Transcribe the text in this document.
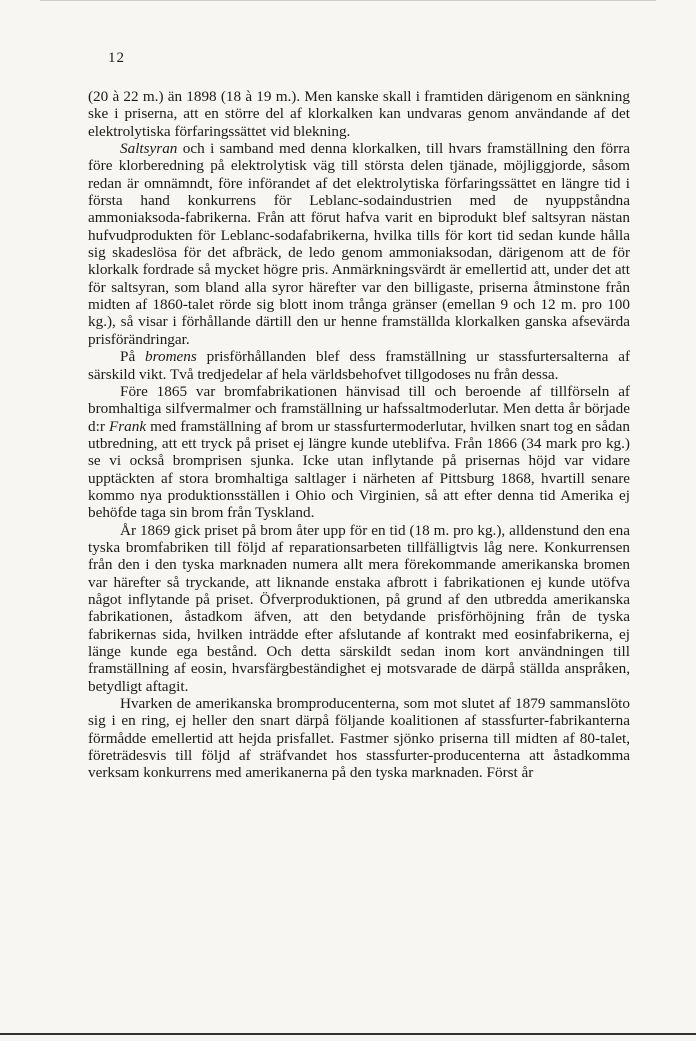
12

(20 à 22 m.) än 1898 (18 à 19 m.). Men kanske skall i framtiden därigenom en sänkning ske i priserna, att en större del af klorkalken kan undvaras genom användande af det elektrolytiska förfaringssättet vid blekning.

Saltsyran och i samband med denna klorkalken, till hvars framställning den förra före klorberedning på elektrolytisk väg till största delen tjänade, möjliggjorde, såsom redan är omnämndt, före införandet af det elektrolytiska förfaringssättet en längre tid i första hand konkurrens för Leblanc-sodaindustrien med de nyuppståndna ammoniaksoda-fabrikerna. Från att förut hafva varit en biprodukt blef saltsyran nästan hufvudprodukten för Leblanc-sodafabrikerna, hvilka tills för kort tid sedan kunde hålla sig skadeslösa för det afbräck, de ledo genom ammoniaksodan, därigenom att de för klorkalk fordrade så mycket högre pris. Anmärkningsvärdt är emellertid att, under det att för saltsyran, som bland alla syror härefter var den billigaste, priserna åtminstone från midten af 1860-talet rörde sig blott inom trånga gränser (emellan 9 och 12 m. pro 100 kg.), så visar i förhållande därtill den ur henne framställda klorkalken ganska afsevärda prisförändringar.

På bromens prisförhållanden blef dess framställning ur stassfurtersalterna af särskild vikt. Två tredjedelar af hela världsbehofvet tillgodoses nu från dessa.

Före 1865 var bromfabrikationen hänvisad till och beroende af tillförseln af bromhaltiga silfvermalmer och framställning ur hafssaltmoderlutar. Men detta år började d:r Frank med framställning af brom ur stassfurtermoderlutar, hvilken snart tog en sådan utbredning, att ett tryck på priset ej längre kunde uteblifva. Från 1866 (34 mark pro kg.) se vi också bromprisen sjunka. Icke utan inflytande på prisernas höjd var vidare upptäckten af stora bromhaltiga saltlager i närheten af Pittsburg 1868, hvartill senare kommo nya produktionsställen i Ohio och Virginien, så att efter denna tid Amerika ej behöfde taga sin brom från Tyskland.

År 1869 gick priset på brom åter upp för en tid (18 m. pro kg.), alldenstund den ena tyska bromfabriken till följd af reparationsarbeten tillfälligtvis låg nere. Konkurrensen från den i den tyska marknaden numera allt mera förekommande amerikanska bromen var härefter så tryckande, att liknande enstaka afbrott i fabrikationen ej kunde utöfva något inflytande på priset. Öfverproduktionen, på grund af den utbredda amerikanska fabrikationen, åstadkom äfven, att den betydande prisförhöjning från de tyska fabrikernas sida, hvilken inträdde efter afslutande af kontrakt med eosinfabrikerna, ej länge kunde ega bestånd. Och detta särskildt sedan inom kort användningen till framställning af eosin, hvarsfärgbeständighet ej motsvarade de därpå ställda anspråken, betydligt aftagit.

Hvarken de amerikanska bromproducenterna, som mot slutet af 1879 sammanslöto sig i en ring, ej heller den snart därpå följande koalitionen af stassfurter-fabrikanterna förmådde emellertid att hejda prisfallet. Fastmer sjönko priserna till midten af 80-talet, företrädesvis till följd af sträfvandet hos stassfurter-producenterna att åstadkomma verksam konkurrens med amerikanerna på den tyska marknaden. Först år
